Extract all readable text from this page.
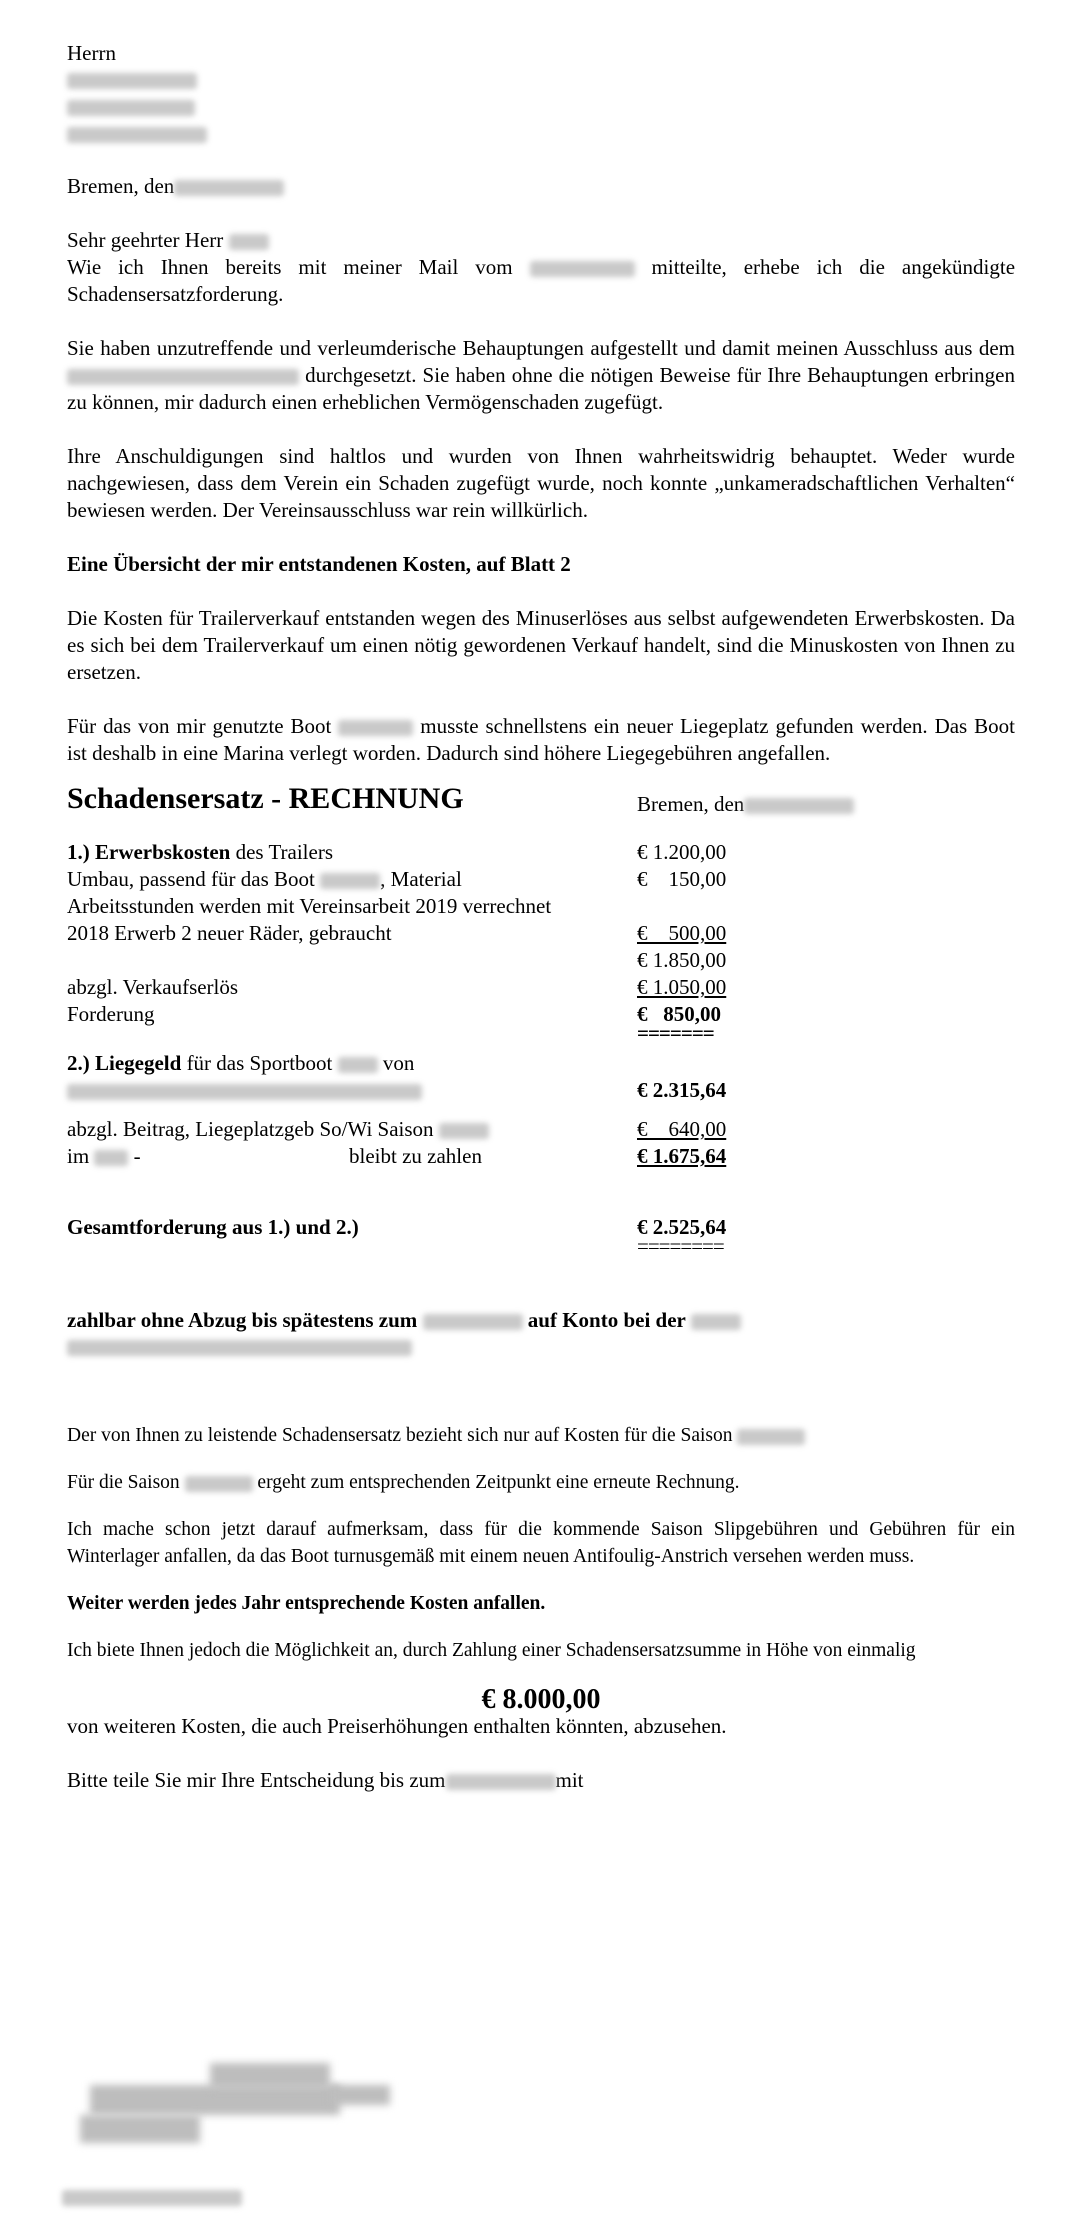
Herrn

Bremen, den

Sehr geehrter Herr

Wie ich Ihnen bereits mit meiner Mail vom	mitteilte, erhebe ich die angekündigte Schadensersatzforderung.

Sie haben unzutreffende und verleumderische Behauptungen aufgestellt und damit meinen Ausschluss aus dem  durchgesetzt. Sie haben ohne die nötigen Beweise für Ihre Behauptungen erbringen zu können, mir dadurch einen erheblichen Vermögenschaden zugefügt.

Ihre Anschuldigungen sind haltlos und wurden von Ihnen wahrheitswidrig behauptet. Weder wurde nachgewiesen, dass dem Verein ein Schaden zugefügt wurde, noch konnte „unkameradschaftlichen Verhalten“ bewiesen werden. Der Vereinsausschluss war rein willkürlich.

Eine Übersicht der mir entstandenen Kosten, auf Blatt 2

Die Kosten für Trailerverkauf entstanden wegen des Minuserlöses aus selbst aufgewendeten Erwerbskosten. Da es sich bei dem Trailerverkauf um einen nötig gewordenen Verkauf handelt, sind die Minuskosten von Ihnen zu ersetzen.

Für das von mir genutzte Boot	musste schnellstens ein neuer Liegeplatz gefunden werden. Das Boot ist deshalb in eine Marina verlegt worden. Dadurch sind höhere Liegegebühren angefallen.

Schadensersatz - RECHNUNG	Bremen, den
1.) Erwerbskosten des Trailers	€ 1.200,00
Umbau, passend für das Boot	, Material	€    150,00
Arbeitsstunden werden mit Vereinsarbeit 2019 verrechnet
2018 Erwerb 2 neuer Räder, gebraucht	€    500,00
€ 1.850,00
abzgl. Verkaufserlös	€ 1.050,00
Forderung	€   850,00
=======
2.) Liegegeld für das Sportboot von
€ 2.315,64
abzgl. Beitrag, Liegeplatzgeb So/Wi Saison	€    640,00
im -	bleibt zu zahlen	€ 1.675,64
Gesamtforderung aus 1.) und 2.)	€ 2.525,64
========

zahlbar ohne Abzug bis spätestens zum	auf Konto bei der

Der von Ihnen zu leistende Schadensersatz bezieht sich nur auf Kosten für die Saison

Für die Saison	ergeht zum entsprechenden Zeitpunkt eine erneute Rechnung.

Ich mache schon jetzt darauf aufmerksam, dass für die kommende Saison Slipgebühren und Gebühren für ein Winterlager anfallen, da das Boot turnusgemäß mit einem neuen Antifoulig-Anstrich versehen werden muss.

Weiter werden jedes Jahr entsprechende Kosten anfallen.

Ich biete Ihnen jedoch die Möglichkeit an, durch Zahlung einer Schadensersatzsumme in Höhe von einmalig

€ 8.000,00

von weiteren Kosten, die auch Preiserhöhungen enthalten könnten, abzusehen.

Bitte teile Sie mir Ihre Entscheidung bis zum	mit
